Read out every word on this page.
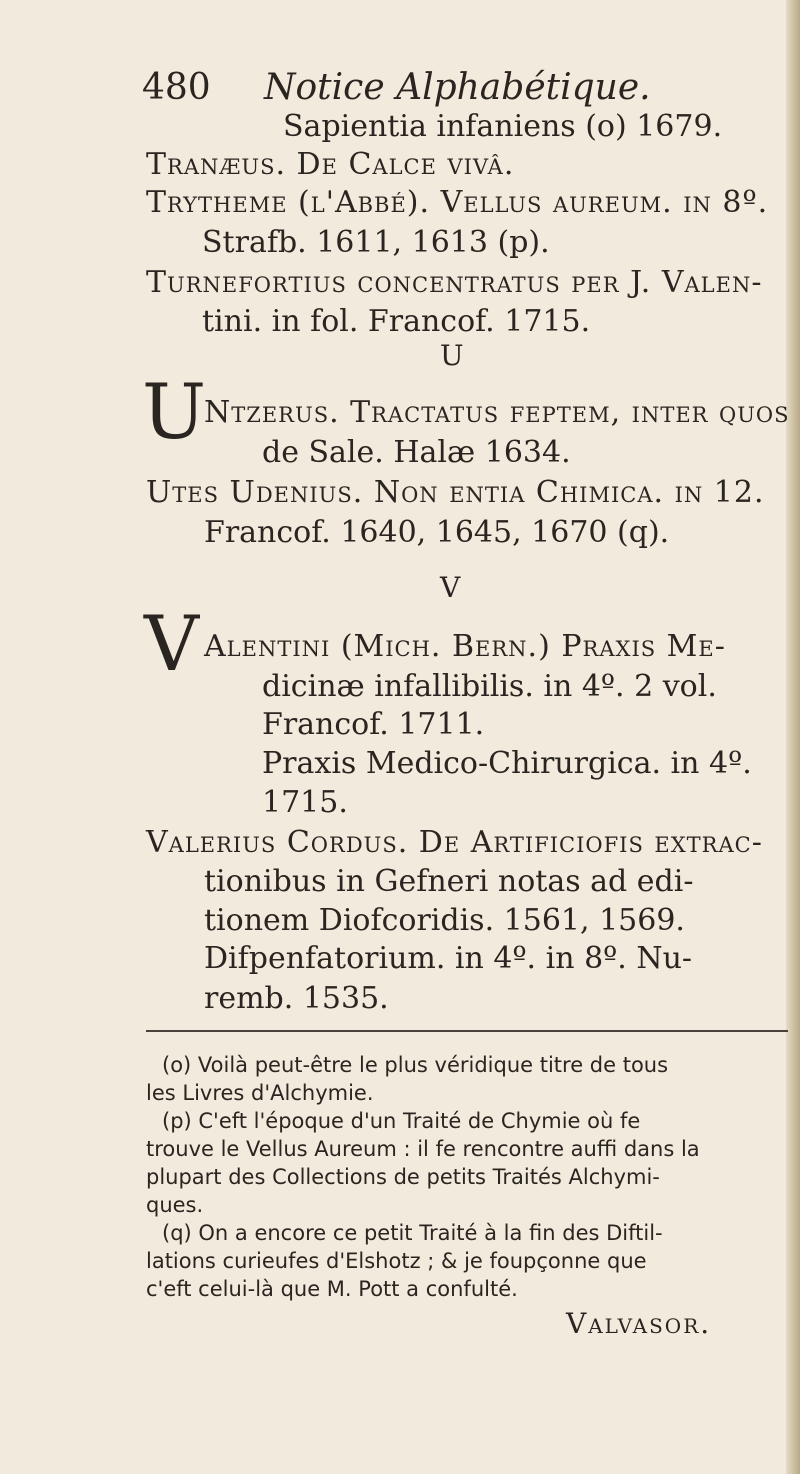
480 Notice Alphabétique.
Sapientia infaniens (o) 1679.
Tranæus. De Calce vivâ.
Trytheme (l'Abbé). Vellus aureum. in 8º.
Strafb. 1611, 1613 (p).
Turnefortius concentratus per J. Valen-
tini. in fol. Francof. 1715.
U
U
Ntzerus. Tractatus feptem, inter quos
de Sale. Halæ 1634.
Utes Udenius. Non entia Chimica. in 12.
Francof. 1640, 1645, 1670 (q).
V
V Alentini (Mich. Bern.) Praxis Me-
dicinæ infallibilis. in 4º. 2 vol.
Francof. 1711.
Praxis Medico-Chirurgica. in 4º.
1715.
Valerius Cordus. De Artificiofis extrac-
tionibus in Gefneri notas ad edi-
tionem Diofcoridis. 1561, 1569.
Difpenfatorium. in 4º. in 8º. Nu-
remb. 1535.
(o) Voilà peut-être le plus véridique titre de tous
les Livres d'Alchymie.
(p) C'eft l'époque d'un Traité de Chymie où fe
trouve le Vellus Aureum : il fe rencontre auffi dans la
plupart des Collections de petits Traités Alchymi-
ques.
(q) On a encore ce petit Traité à la fin des Diftil-
lations curieufes d'Elshotz ; & je foupçonne que
c'eft celui-là que M. Pott a confulté.
Valvasor.
